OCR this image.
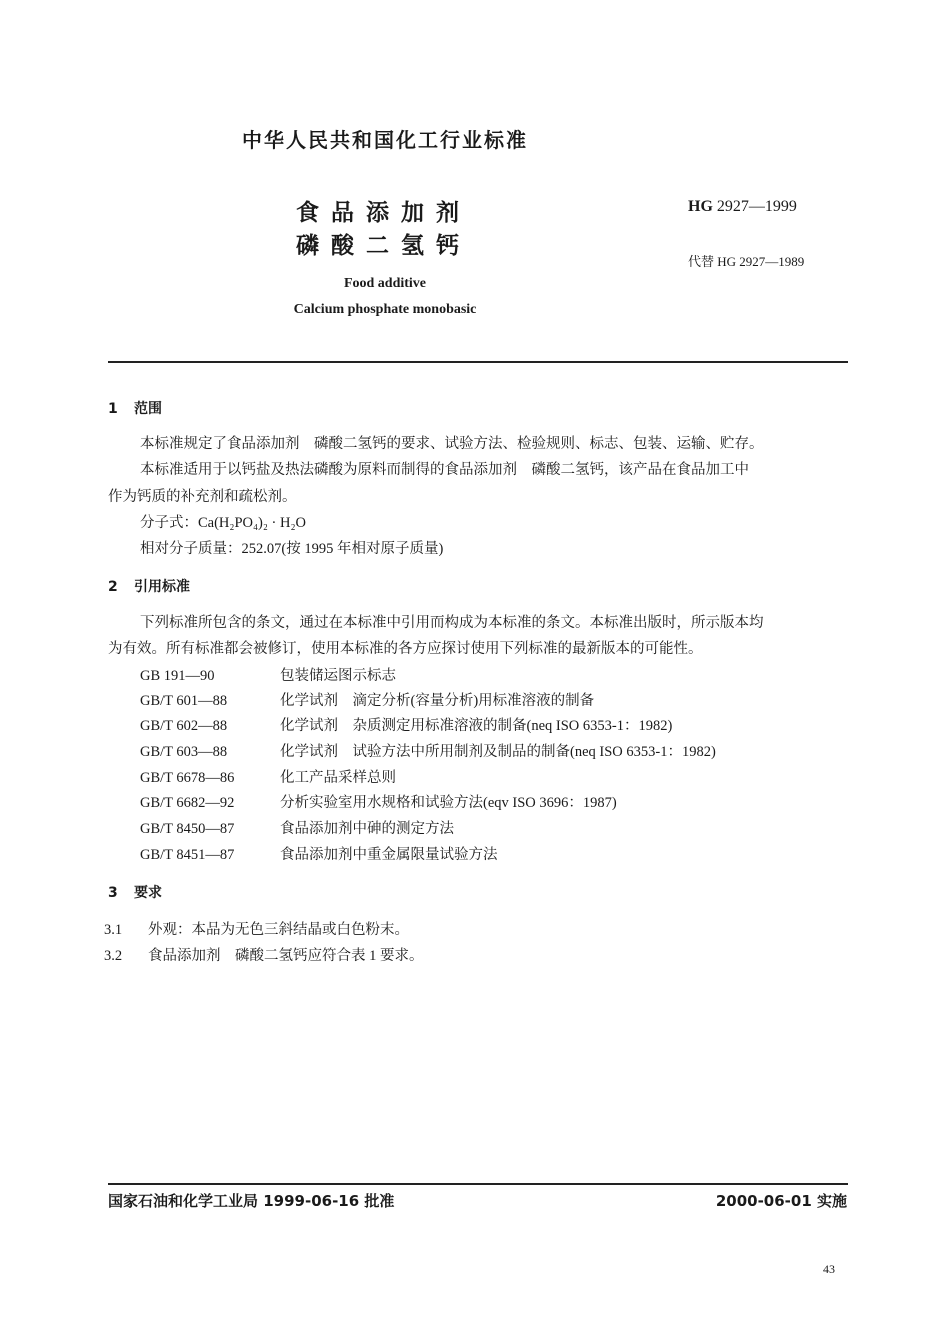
中华人民共和国化工行业标准
食品添加剂
磷酸二氢钙
HG 2927—1999
代替 HG 2927—1989
Food additive
Calcium phosphate monobasic
1 范围
本标准规定了食品添加剂　磷酸二氢钙的要求、试验方法、检验规则、标志、包装、运输、贮存。
本标准适用于以钙盐及热法磷酸为原料而制得的食品添加剂　磷酸二氢钙，该产品在食品加工中
作为钙质的补充剂和疏松剂。
分子式：Ca(H₂PO₄)₂ · H₂O
相对分子质量：252.07(按 1995 年相对原子质量)
2 引用标准
下列标准所包含的条文，通过在本标准中引用而构成为本标准的条文。本标准出版时，所示版本均
为有效。所有标准都会被修订，使用本标准的各方应探讨使用下列标准的最新版本的可能性。
GB 191—90	包装储运图示标志
GB/T 601—88	化学试剂　滴定分析(容量分析)用标准溶液的制备
GB/T 602—88	化学试剂　杂质测定用标准溶液的制备(neq ISO 6353-1：1982)
GB/T 603—88	化学试剂　试验方法中所用制剂及制品的制备(neq ISO 6353-1：1982)
GB/T 6678—86	化工产品采样总则
GB/T 6682—92	分析实验室用水规格和试验方法(eqv ISO 3696：1987)
GB/T 8450—87	食品添加剂中砷的测定方法
GB/T 8451—87	食品添加剂中重金属限量试验方法
3 要求
3.1 外观：本品为无色三斜结晶或白色粉末。
3.2 食品添加剂　磷酸二氢钙应符合表 1 要求。
国家石油和化学工业局 1999-06-16 批准	2000-06-01 实施
43
